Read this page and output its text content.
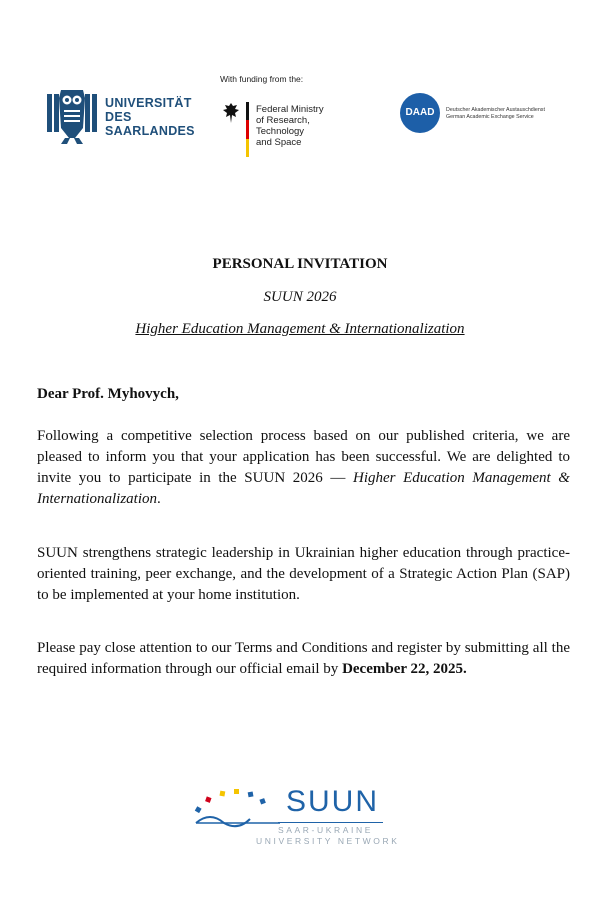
UNIVERSITÄT
DES
SAARLANDES
With funding from the:
Federal Ministry
of Research, Technology
and Space
DAAD	Deutscher Akademischer Austauschdienst
German Academic Exchange Service
PERSONAL INVITATION
SUUN 2026
Higher Education Management & Internationalization
Dear Prof. Myhovych,
Following a competitive selection process based on our published criteria, we are pleased to inform you that your application has been successful. We are delighted to invite you to participate in the SUUN 2026 — Higher Education Management & Internationalization.
SUUN strengthens strategic leadership in Ukrainian higher education through practice-oriented training, peer exchange, and the development of a Strategic Action Plan (SAP) to be implemented at your home institution.
Please pay close attention to our Terms and Conditions and register by submitting all the required information through our official email by December 22, 2025.
SUUN
SAAR-UKRAINE
UNIVERSITY NETWORK
